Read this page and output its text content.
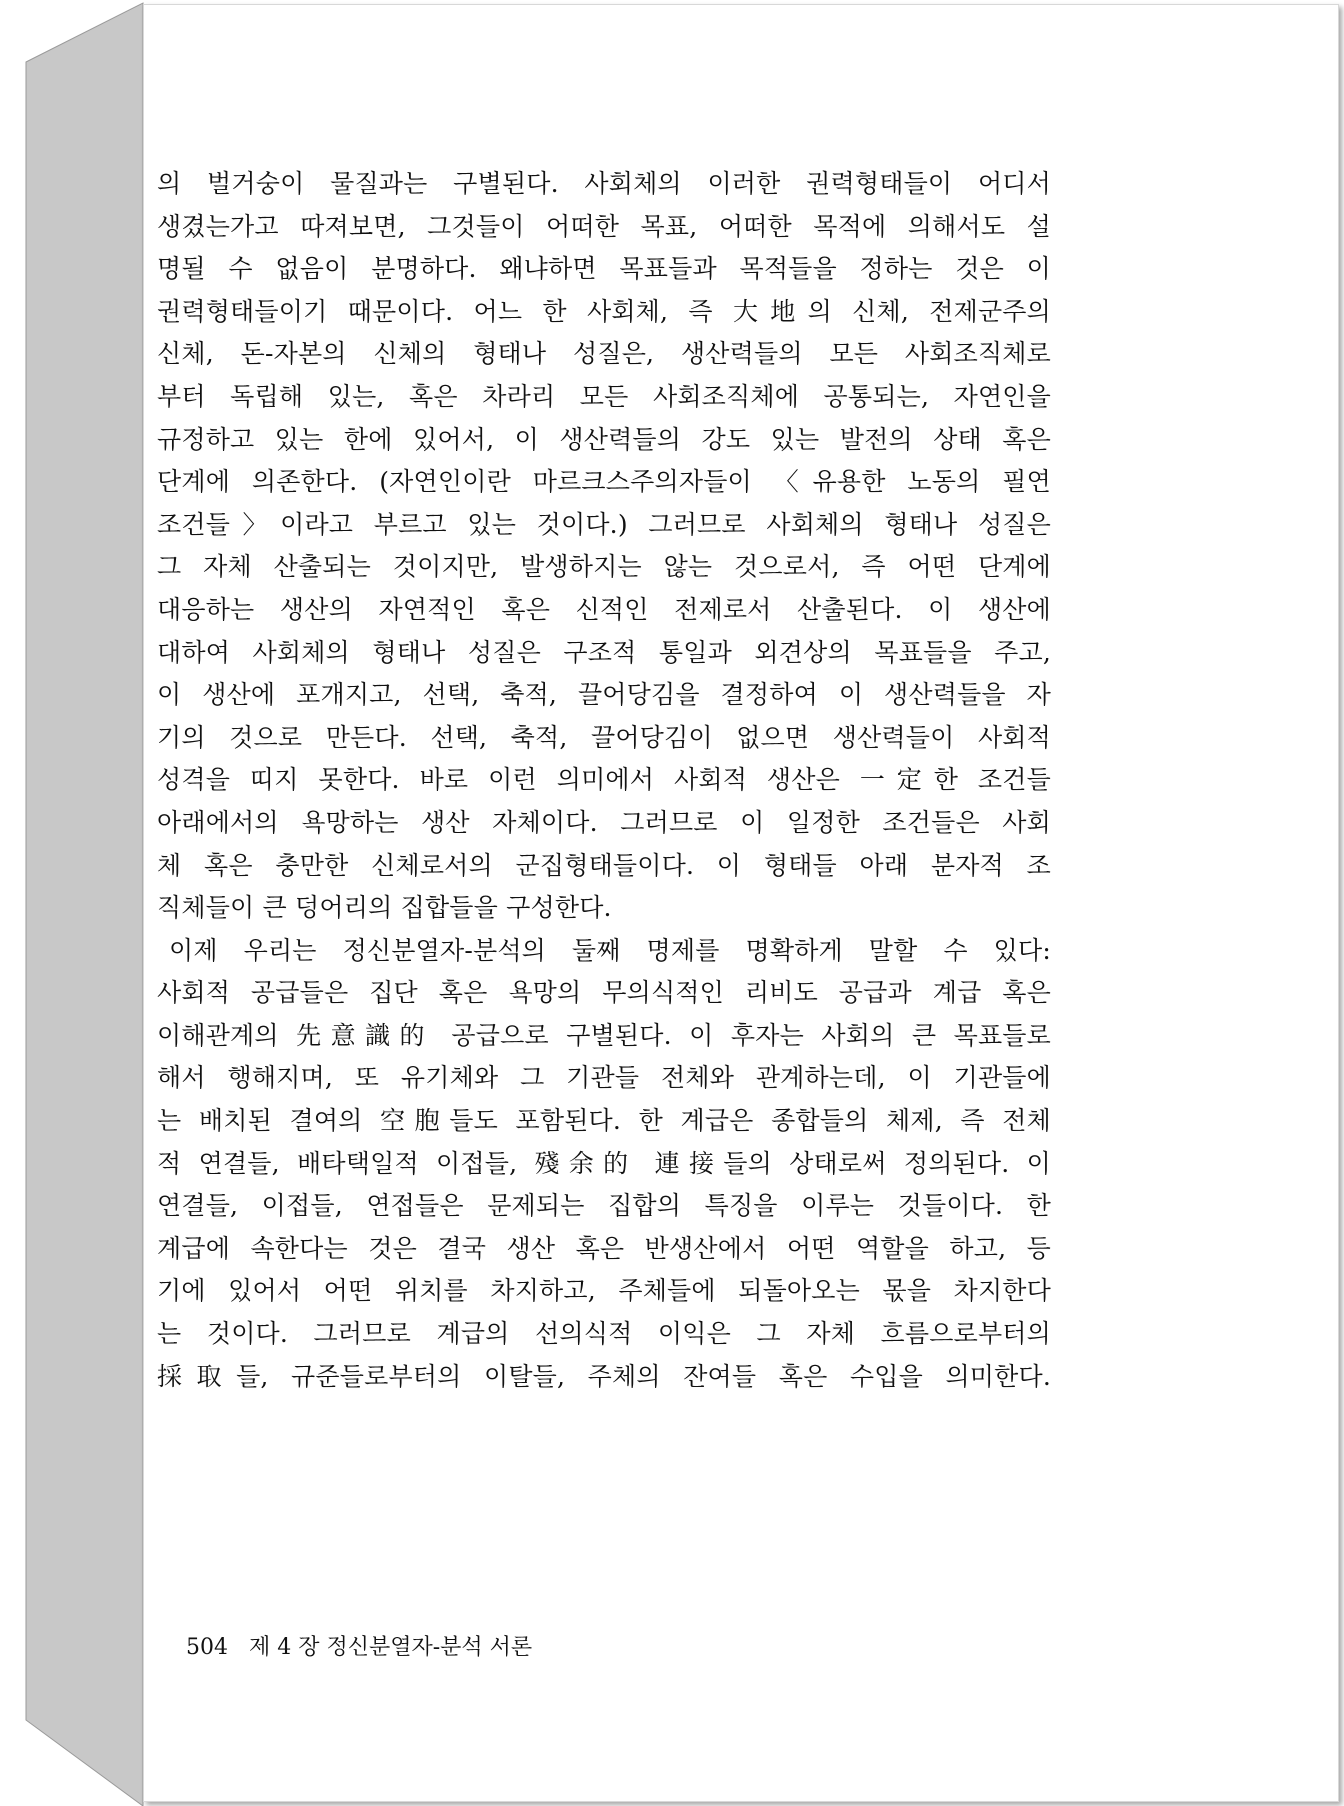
의 벌거숭이 물질과는 구별된다. 사회체의 이러한 권력형태들이 어디서
생겼는가고 따져보면, 그것들이 어떠한 목표, 어떠한 목적에 의해서도 설
명될 수 없음이 분명하다. 왜냐하면 목표들과 목적들을 정하는 것은 이
권력형태들이기 때문이다. 어느 한 사회체, 즉 大地의 신체, 전제군주의
신체, 돈-자본의 신체의 형태나 성질은, 생산력들의 모든 사회조직체로
부터 독립해 있는, 혹은 차라리 모든 사회조직체에 공통되는, 자연인을
규정하고 있는 한에 있어서, 이 생산력들의 강도 있는 발전의 상태 혹은
단계에 의존한다. (자연인이란 마르크스주의자들이 〈유용한 노동의 필연
조건들〉이라고 부르고 있는 것이다.) 그러므로 사회체의 형태나 성질은
그 자체 산출되는 것이지만, 발생하지는 않는 것으로서, 즉 어떤 단계에
대응하는 생산의 자연적인 혹은 신적인 전제로서 산출된다. 이 생산에
대하여 사회체의 형태나 성질은 구조적 통일과 외견상의 목표들을 주고,
이 생산에 포개지고, 선택, 축적, 끌어당김을 결정하여 이 생산력들을 자
기의 것으로 만든다. 선택, 축적, 끌어당김이 없으면 생산력들이 사회적
성격을 띠지 못한다. 바로 이런 의미에서 사회적 생산은 一定한 조건들
아래에서의 욕망하는 생산 자체이다. 그러므로 이 일정한 조건들은 사회
체 혹은 충만한 신체로서의 군집형태들이다. 이 형태들 아래 분자적 조
직체들이 큰 덩어리의 집합들을 구성한다.
이제 우리는 정신분열자-분석의 둘째 명제를 명확하게 말할 수 있다:
사회적 공급들은 집단 혹은 욕망의 무의식적인 리비도 공급과 계급 혹은
이해관계의 先意識的 공급으로 구별된다. 이 후자는 사회의 큰 목표들로
해서 행해지며, 또 유기체와 그 기관들 전체와 관계하는데, 이 기관들에
는 배치된 결여의 空胞들도 포함된다. 한 계급은 종합들의 체제, 즉 전체
적 연결들, 배타택일적 이접들, 殘余的 連接들의 상태로써 정의된다. 이
연결들, 이접들, 연접들은 문제되는 집합의 특징을 이루는 것들이다. 한
계급에 속한다는 것은 결국 생산 혹은 반생산에서 어떤 역할을 하고, 등
기에 있어서 어떤 위치를 차지하고, 주체들에 되돌아오는 몫을 차지한다
는 것이다. 그러므로 계급의 선의식적 이익은 그 자체 흐름으로부터의
採取들, 규준들로부터의 이탈들, 주체의 잔여들 혹은 수입을 의미한다.
504 제 4 장 정신분열자-분석 서론
